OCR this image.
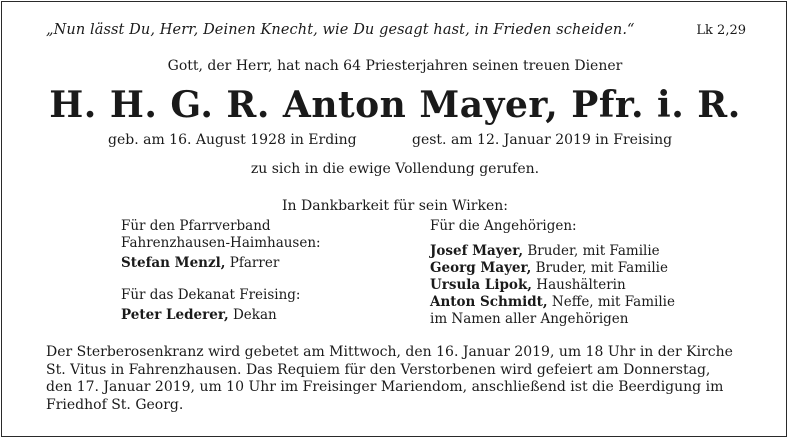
„Nun lässt Du, Herr, Deinen Knecht, wie Du gesagt hast, in Frieden scheiden.“	Lk 2,29
Gott, der Herr, hat nach 64 Priesterjahren seinen treuen Diener
H. H. G. R. Anton Mayer, Pfr. i. R.
geb. am 16. August 1928 in Erding	gest. am 12. Januar 2019 in Freising
zu sich in die ewige Vollendung gerufen.
In Dankbarkeit für sein Wirken:
Für den Pfarrverband
Fahrenzhausen-Haimhausen:
Stefan Menzl, Pfarrer
Für das Dekanat Freising:
Peter Lederer, Dekan
Für die Angehörigen:
Josef Mayer, Bruder, mit Familie
Georg Mayer, Bruder, mit Familie
Ursula Lipok, Haushälterin
Anton Schmidt, Neffe, mit Familie
im Namen aller Angehörigen
Der Sterberosenkranz wird gebetet am Mittwoch, den 16. Januar 2019, um 18 Uhr in der Kirche
St. Vitus in Fahrenzhausen. Das Requiem für den Verstorbenen wird gefeiert am Donnerstag,
den 17. Januar 2019, um 10 Uhr im Freisinger Mariendom, anschließend ist die Beerdigung im
Friedhof St. Georg.
